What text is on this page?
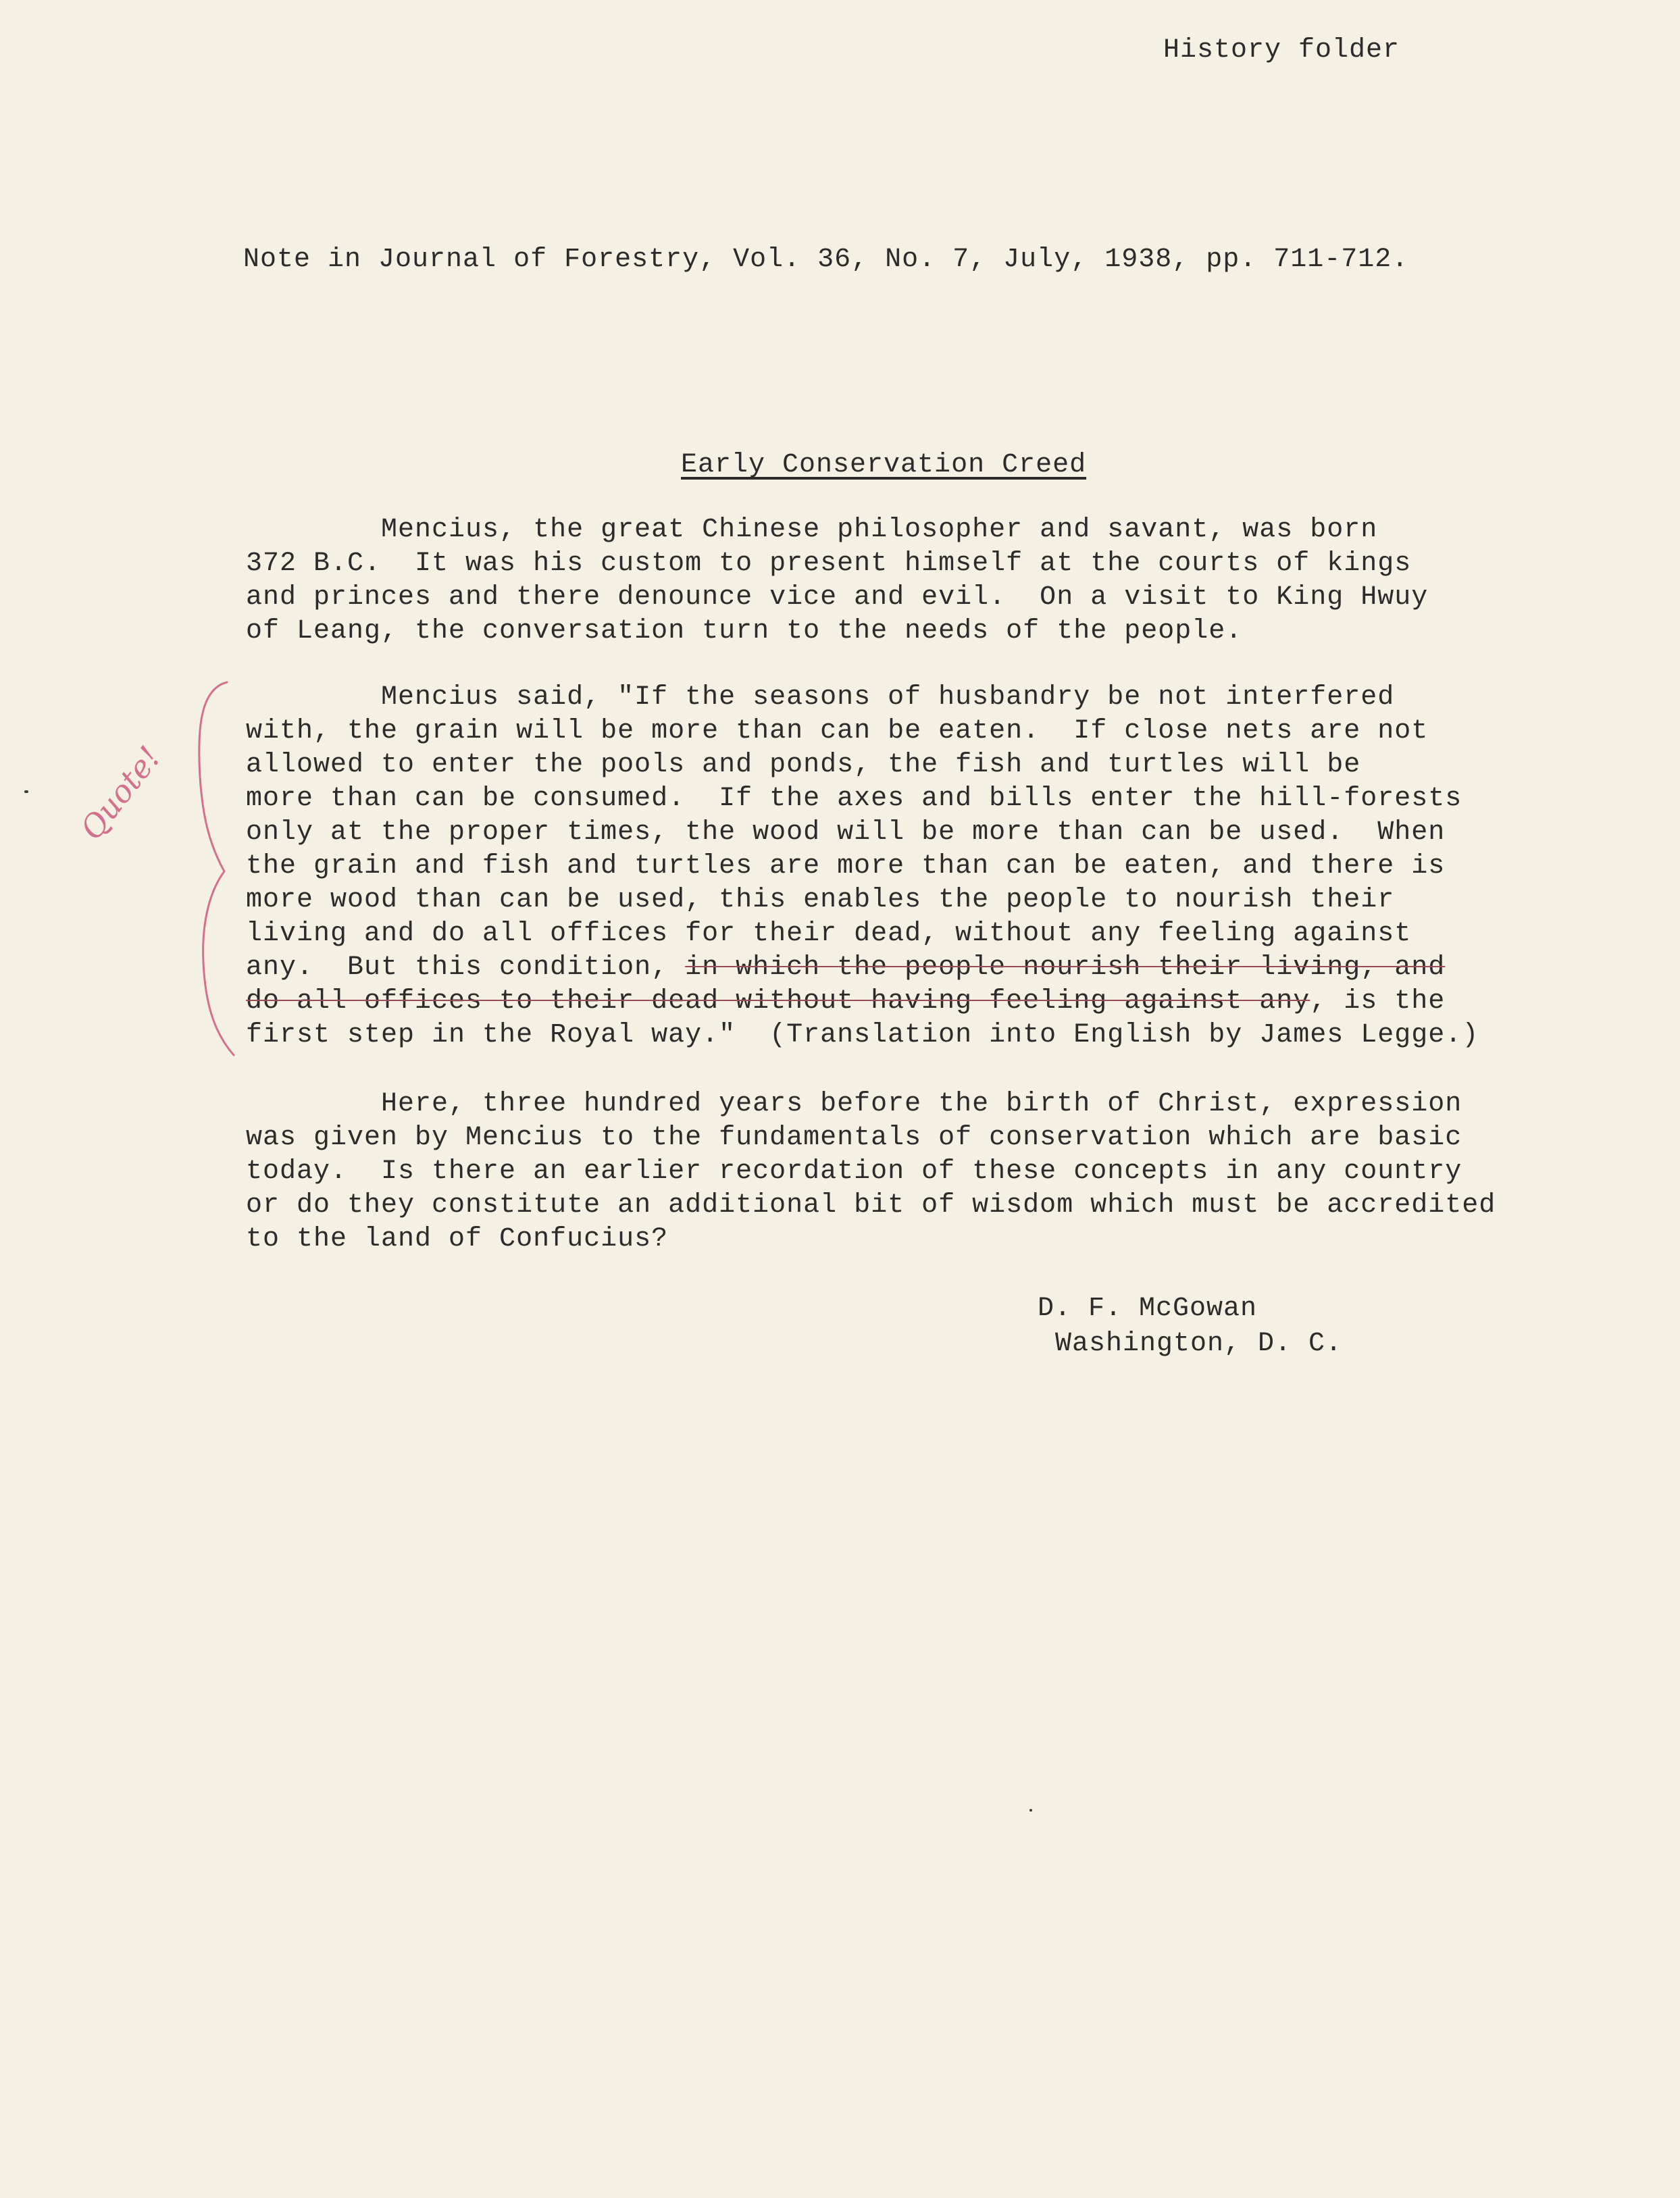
History folder
Note in Journal of Forestry, Vol. 36, No. 7, July, 1938, pp. 711-712.
Early Conservation Creed
Mencius, the great Chinese philosopher and savant, was born
372 B.C.  It was his custom to present himself at the courts of kings
and princes and there denounce vice and evil.  On a visit to King Hwuy
of Leang, the conversation turn to the needs of the people.
Mencius said, "If the seasons of husbandry be not interfered
with, the grain will be more than can be eaten.  If close nets are not
allowed to enter the pools and ponds, the fish and turtles will be
more than can be consumed.  If the axes and bills enter the hill-forests
only at the proper times, the wood will be more than can be used.  When
the grain and fish and turtles are more than can be eaten, and there is
more wood than can be used, this enables the people to nourish their
living and do all offices for their dead, without any feeling against
any.  But this condition, in which the people nourish their living, and
do all offices to their dead without having feeling against any, is the
first step in the Royal way."  (Translation into English by James Legge.)
Here, three hundred years before the birth of Christ, expression
was given by Mencius to the fundamentals of conservation which are basic
today.  Is there an earlier recordation of these concepts in any country
or do they constitute an additional bit of wisdom which must be accredited
to the land of Confucius?
D. F. McGowan
Washington, D. C.
Quote!
